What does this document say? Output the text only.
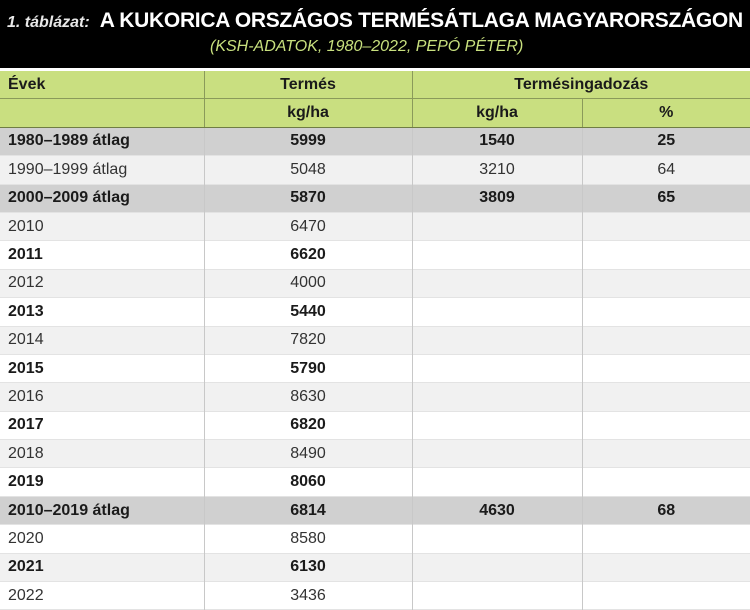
1. táblázat: A KUKORICA ORSZÁGOS TERMÉSÁTLAGA MAGYARORSZÁGON
(KSH-ADATOK, 1980–2022, PEPÓ PÉTER)
Évek	Termés	Termésingadozás	
	kg/ha	kg/ha	%
1980–1989 átlag	5999	1540	25
1990–1999 átlag	5048	3210	64
2000–2009 átlag	5870	3809	65
2010	6470		
2011	6620		
2012	4000		
2013	5440		
2014	7820		
2015	5790		
2016	8630		
2017	6820		
2018	8490		
2019	8060		
2010–2019 átlag	6814	4630	68
2020	8580		
2021	6130		
2022	3436		
